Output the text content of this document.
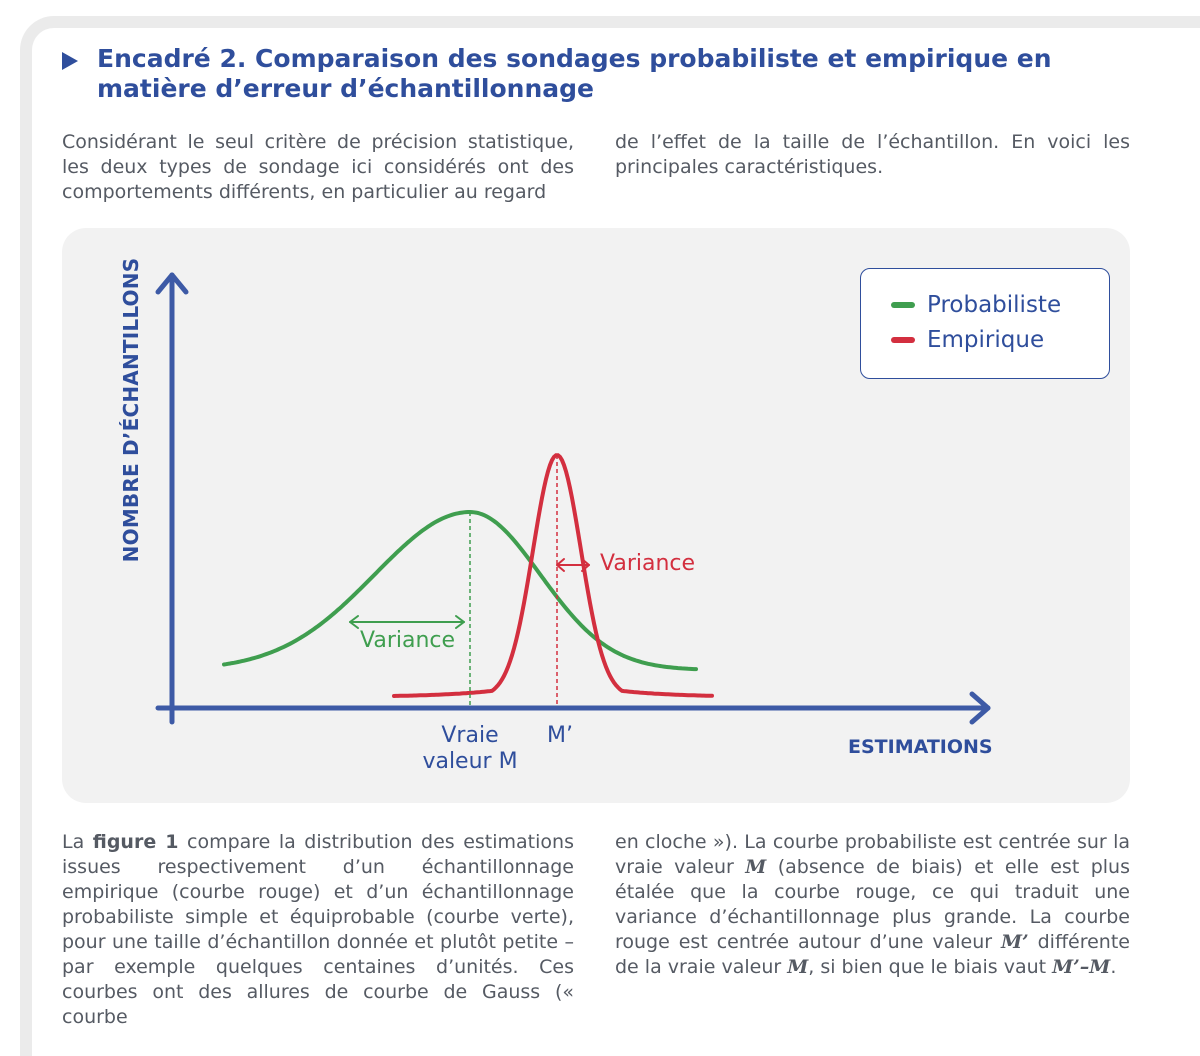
Encadré 2. Comparaison des sondages probabiliste et empirique en matière d’erreur d’échantillonnage
Considérant le seul critère de précision statistique, les deux types de sondage ici considérés ont des comportements différents, en particulier au regard
de l’effet de la taille de l’échantillon. En voici les principales caractéristiques.
NOMBRE D’ÉCHANTILLONS
ESTIMATIONS
Vraie
valeur M
M’
Variance
Variance
Probabiliste
Empirique
La figure 1 compare la distribution des estimations issues respectivement d’un échantillonnage empirique (courbe rouge) et d’un échantillonnage probabiliste simple et équiprobable (courbe verte), pour une taille d’échantillon donnée et plutôt petite – par exemple quelques centaines d’unités. Ces courbes ont des allures de courbe de Gauss (« courbe
en cloche »). La courbe probabiliste est centrée sur la vraie valeur M (absence de biais) et elle est plus étalée que la courbe rouge, ce qui traduit une variance d’échantillonnage plus grande. La courbe rouge est centrée autour d’une valeur M’ différente de la vraie valeur M, si bien que le biais vaut M’–M.
